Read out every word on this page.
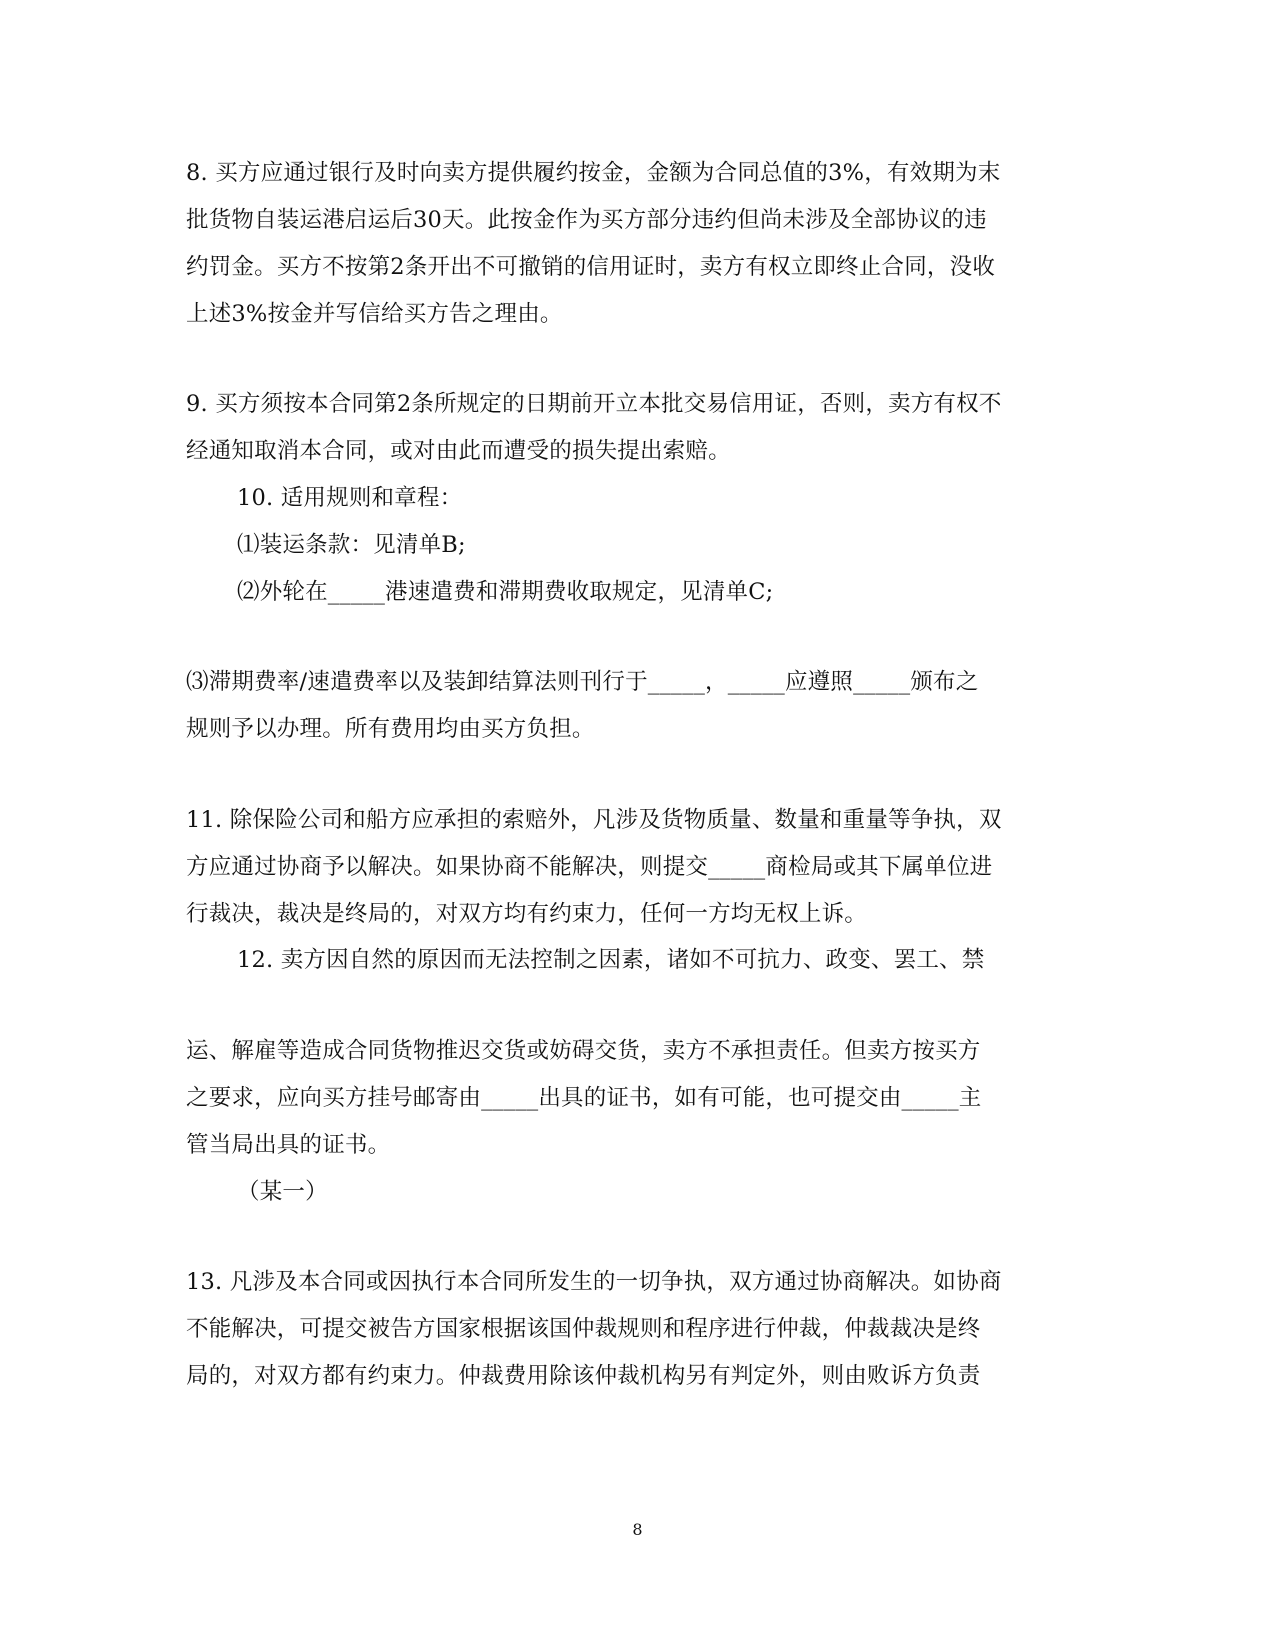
8. 买方应通过银行及时向卖方提供履约按金，金额为合同总值的3%，有效期为末
批货物自装运港启运后30天。此按金作为买方部分违约但尚未涉及全部协议的违
约罚金。买方不按第2条开出不可撤销的信用证时，卖方有权立即终止合同，没收
上述3%按金并写信给买方告之理由。
9. 买方须按本合同第2条所规定的日期前开立本批交易信用证，否则，卖方有权不
经通知取消本合同，或对由此而遭受的损失提出索赔。
10. 适用规则和章程：
⑴装运条款：见清单B;
⑵外轮在_____港速遣费和滞期费收取规定，见清单C;
⑶滞期费率/速遣费率以及装卸结算法则刊行于_____，_____应遵照_____颁布之
规则予以办理。所有费用均由买方负担。
11. 除保险公司和船方应承担的索赔外，凡涉及货物质量、数量和重量等争执，双
方应通过协商予以解决。如果协商不能解决，则提交_____商检局或其下属单位进
行裁决，裁决是终局的，对双方均有约束力，任何一方均无权上诉。
12. 卖方因自然的原因而无法控制之因素，诸如不可抗力、政变、罢工、禁
运、解雇等造成合同货物推迟交货或妨碍交货，卖方不承担责任。但卖方按买方
之要求，应向买方挂号邮寄由_____出具的证书，如有可能，也可提交由_____主
管当局出具的证书。
（某一）
13. 凡涉及本合同或因执行本合同所发生的一切争执，双方通过协商解决。如协商
不能解决，可提交被告方国家根据该国仲裁规则和程序进行仲裁，仲裁裁决是终
局的，对双方都有约束力。仲裁费用除该仲裁机构另有判定外，则由败诉方负责
8
